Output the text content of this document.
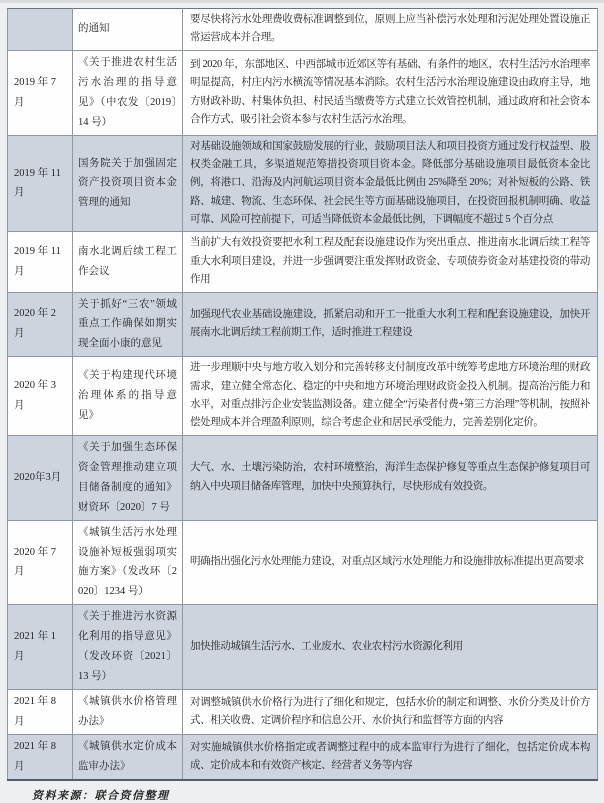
	的通知	要尽快将污水处理费收费标准调整到位，原则上应当补偿污水处理和污泥处理处置设施正常运营成本并合理。
2019 年 7 月	《关于推进农村生活污水治理的指导意见》（中农发〔2019〕14 号）	到 2020 年，东部地区、中西部城市近郊区等有基础、有条件的地区，农村生活污水治理率明显提高，村庄内污水横流等情况基本消除。农村生活污水治理设施建设由政府主导，地方财政补助、村集体负担、村民适当缴费等方式建立长效管控机制，通过政府和社会资本合作方式，吸引社会资本参与农村生活污水治理。
2019 年 11 月	国务院关于加强固定资产投资项目资本金管理的通知	对基础设施领域和国家鼓励发展的行业，鼓励项目法人和项目投资方通过发行权益型、股权类金融工具，多渠道规范筹措投资项目资本金。降低部分基础设施项目最低资本金比例，将港口、沿海及内河航运项目资本金最低比例由 25%降至 20%；对补短板的公路、铁路、城建、物流、生态环保、社会民生等方面基础设施项目，在投资回报机制明确、收益可靠、风险可控前提下，可适当降低资本金最低比例，下调幅度不超过 5 个百分点
2019 年 11 月	南水北调后续工程工作会议	当前扩大有效投资要把水利工程及配套设施建设作为突出重点、推进南水北调后续工程等重大水利项目建设，并进一步强调要注重发挥财政资金、专项债券资金对基建投资的带动作用
2020 年 2 月	关于抓好“三农”领域重点工作确保如期实现全面小康的意见	加强现代农业基础设施建设，抓紧启动和开工一批重大水利工程和配套设施建设，加快开展南水北调后续工程前期工作，适时推进工程建设
2020 年 3 月	《关于构建现代环境治理体系的指导意见》	进一步理顺中央与地方收入划分和完善转移支付制度改革中统筹考虑地方环境治理的财政需求，建立健全常态化、稳定的中央和地方环境治理财政资金投入机制。提高治污能力和水平，对重点排污企业安装监测设备。建立健全“污染者付费+第三方治理”等机制，按照补偿处理成本并合理盈利原则，综合考虑企业和居民承受能力，完善差别化定价。
2020年3月	《关于加强生态环保资金管理推动建立项目储备制度的通知》财资环〔2020〕7 号	大气、水、土壤污染防治，农村环境整治，海洋生态保护修复等重点生态保护修复项目可纳入中央项目储备库管理，加快中央预算执行，尽快形成有效投资。
2020 年 7 月	《城镇生活污水处理设施补短板强弱项实施方案》（发改环〔2020〕1234 号）	明确指出强化污水处理能力建设，对重点区域污水处理能力和设施排放标准提出更高要求
2021 年 1 月	《关于推进污水资源化利用的指导意见》（发改环资〔2021〕13 号）	加快推动城镇生活污水、工业废水、农业农村污水资源化利用
2021 年 8 月	《城镇供水价格管理办法》	对调整城镇供水价格行为进行了细化和规定，包括水价的制定和调整、水价分类及计价方式、相关收费、定调价程序和信息公开、水价执行和监督等方面的内容
2021 年 8 月	《城镇供水定价成本监审办法》	对实施城镇供水价格指定或者调整过程中的成本监审行为进行了细化，包括定价成本构成、定价成本和有效资产核定、经营者义务等内容
资料来源：联合资信整理
